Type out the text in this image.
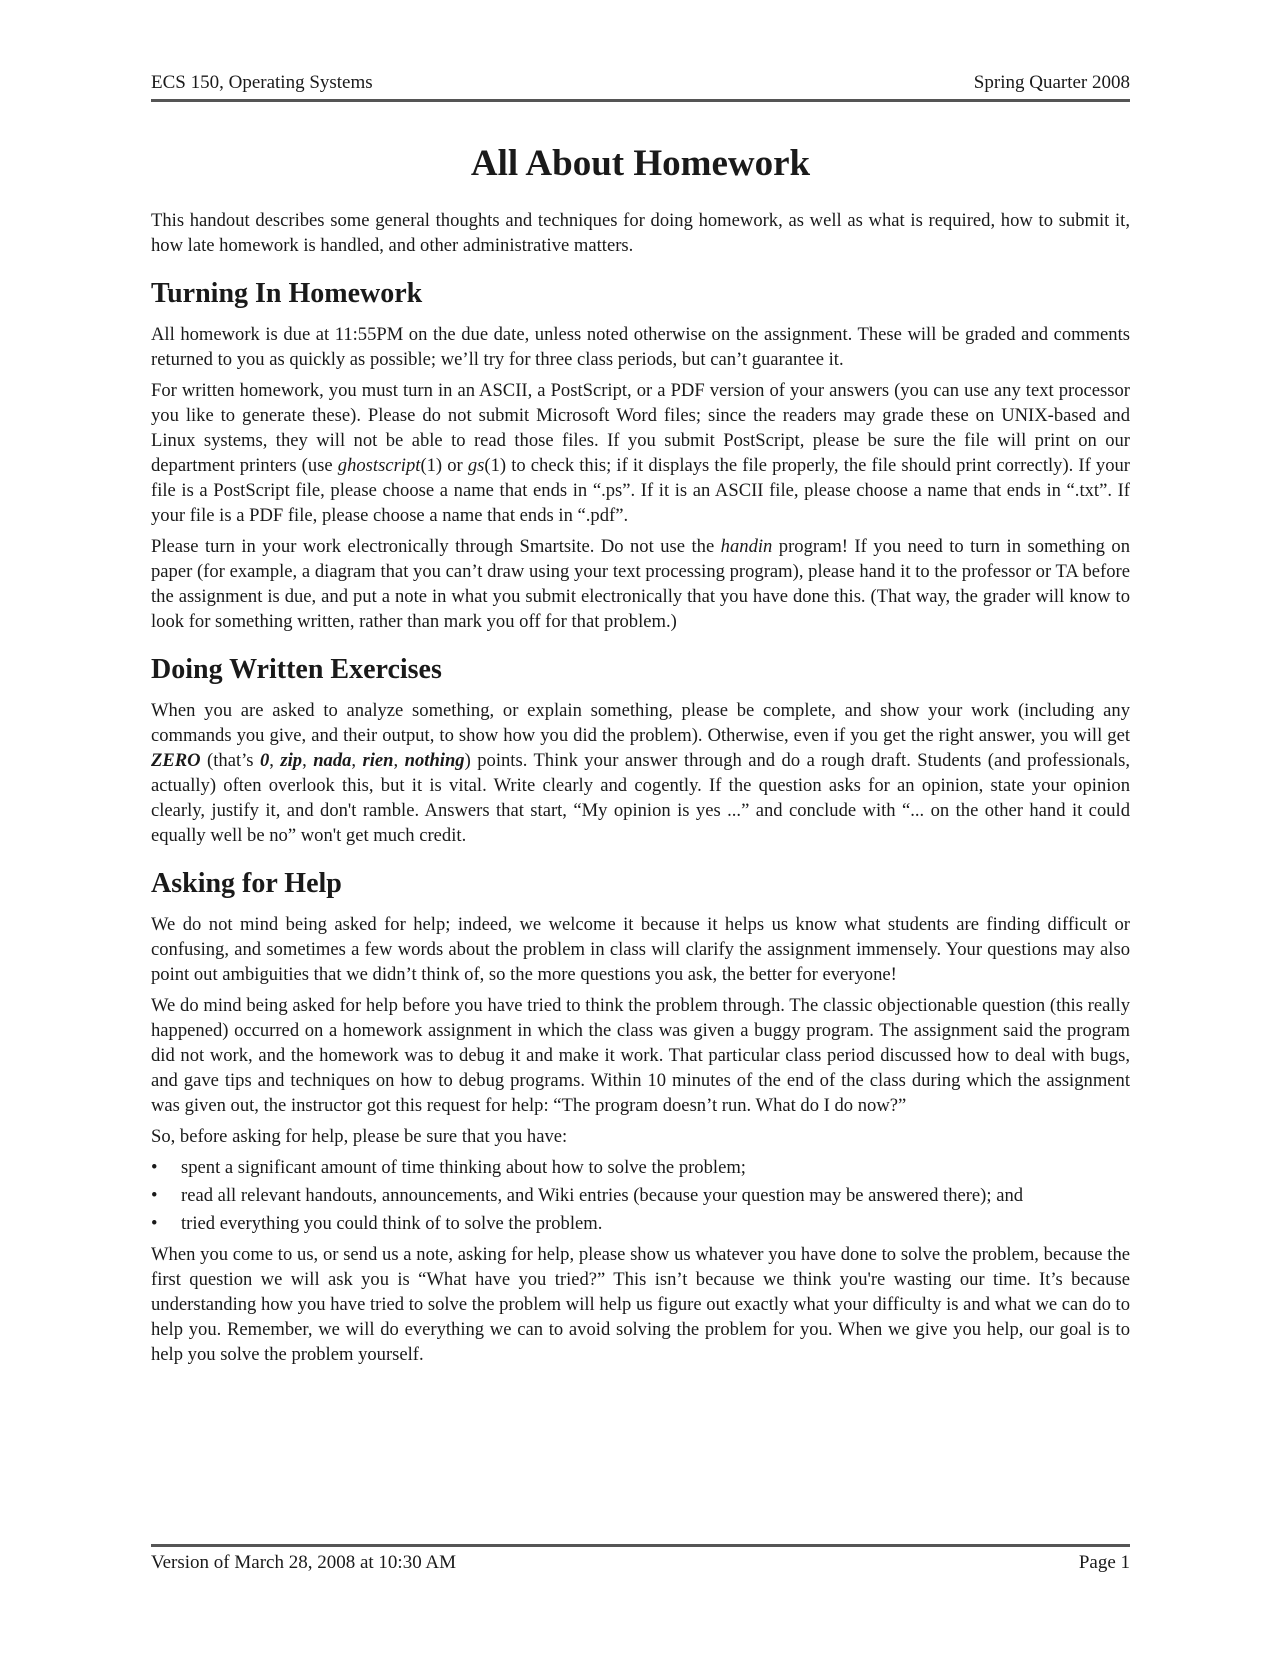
ECS 150, Operating Systems	Spring Quarter 2008
All About Homework

This handout describes some general thoughts and techniques for doing homework, as well as what is required, how to submit it, how late homework is handled, and other administrative matters.

Turning In Homework

All homework is due at 11:55PM on the due date, unless noted otherwise on the assignment. These will be graded and comments returned to you as quickly as possible; we’ll try for three class periods, but can’t guarantee it.

For written homework, you must turn in an ASCII, a PostScript, or a PDF version of your answers (you can use any text processor you like to generate these). Please do not submit Microsoft Word files; since the readers may grade these on UNIX-based and Linux systems, they will not be able to read those files. If you submit PostScript, please be sure the file will print on our department printers (use ghostscript(1) or gs(1) to check this; if it displays the file properly, the file should print correctly). If your file is a PostScript file, please choose a name that ends in “.ps”. If it is an ASCII file, please choose a name that ends in “.txt”. If your file is a PDF file, please choose a name that ends in “.pdf”.

Please turn in your work electronically through Smartsite. Do not use the handin program! If you need to turn in something on paper (for example, a diagram that you can’t draw using your text processing program), please hand it to the professor or TA before the assignment is due, and put a note in what you submit electronically that you have done this. (That way, the grader will know to look for something written, rather than mark you off for that problem.)

Doing Written Exercises

When you are asked to analyze something, or explain something, please be complete, and show your work (including any commands you give, and their output, to show how you did the problem). Otherwise, even if you get the right answer, you will get ZERO (that’s 0, zip, nada, rien, nothing) points. Think your answer through and do a rough draft. Students (and professionals, actually) often overlook this, but it is vital. Write clearly and cogently. If the question asks for an opinion, state your opinion clearly, justify it, and don't ramble. Answers that start, “My opinion is yes ...” and conclude with “... on the other hand it could equally well be no” won't get much credit.

Asking for Help

We do not mind being asked for help; indeed, we welcome it because it helps us know what students are finding difficult or confusing, and sometimes a few words about the problem in class will clarify the assignment immensely. Your questions may also point out ambiguities that we didn’t think of, so the more questions you ask, the better for everyone!

We do mind being asked for help before you have tried to think the problem through. The classic objectionable question (this really happened) occurred on a homework assignment in which the class was given a buggy program. The assignment said the program did not work, and the homework was to debug it and make it work. That particular class period discussed how to deal with bugs, and gave tips and techniques on how to debug programs. Within 10 minutes of the end of the class during which the assignment was given out, the instructor got this request for help: “The program doesn’t run. What do I do now?”

So, before asking for help, please be sure that you have:

• spent a significant amount of time thinking about how to solve the problem;
• read all relevant handouts, announcements, and Wiki entries (because your question may be answered there); and
• tried everything you could think of to solve the problem.

When you come to us, or send us a note, asking for help, please show us whatever you have done to solve the problem, because the first question we will ask you is “What have you tried?” This isn’t because we think you're wasting our time. It’s because understanding how you have tried to solve the problem will help us figure out exactly what your difficulty is and what we can do to help you. Remember, we will do everything we can to avoid solving the problem for you. When we give you help, our goal is to help you solve the problem yourself.

Version of March 28, 2008 at 10:30 AM	Page 1
